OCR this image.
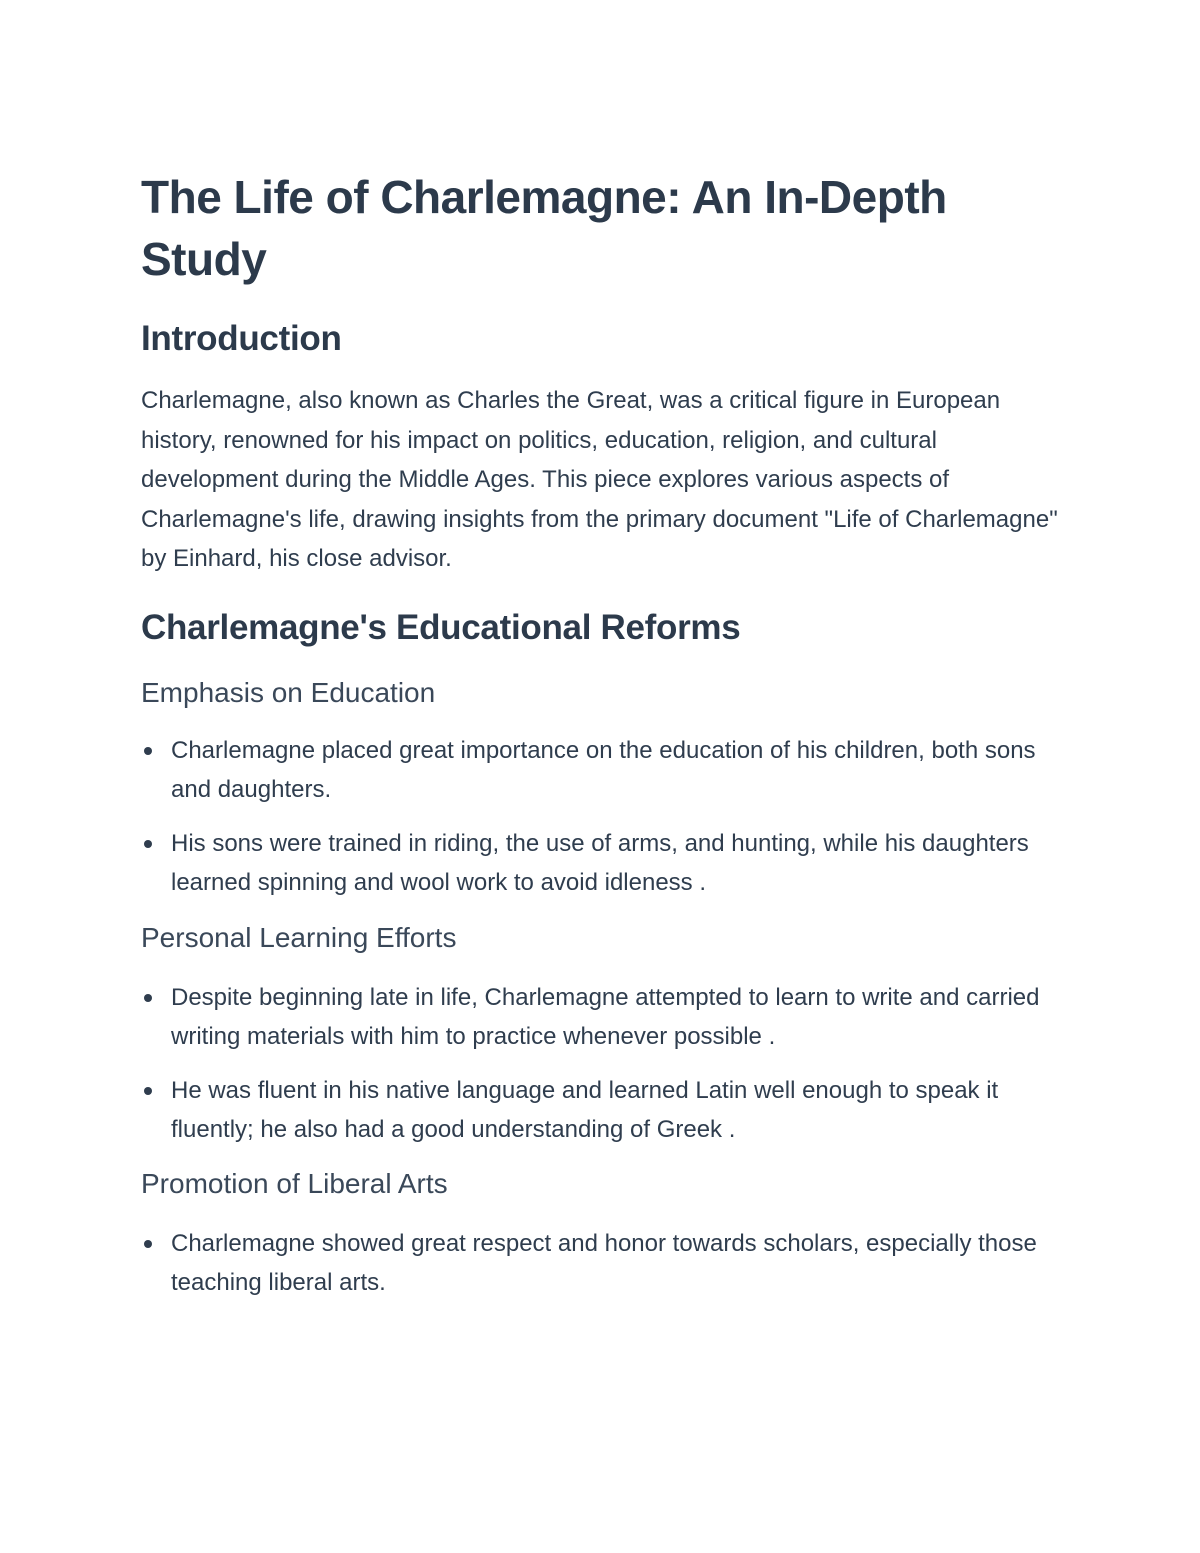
The Life of Charlemagne: An In-Depth Study
Introduction

Charlemagne, also known as Charles the Great, was a critical figure in European history, renowned for his impact on politics, education, religion, and cultural development during the Middle Ages. This piece explores various aspects of Charlemagne's life, drawing insights from the primary document "Life of Charlemagne" by Einhard, his close advisor.

Charlemagne's Educational Reforms
Emphasis on Education
Charlemagne placed great importance on the education of his children, both sons and daughters.
His sons were trained in riding, the use of arms, and hunting, while his daughters learned spinning and wool work to avoid idleness .
Personal Learning Efforts
Despite beginning late in life, Charlemagne attempted to learn to write and carried writing materials with him to practice whenever possible .
He was fluent in his native language and learned Latin well enough to speak it fluently; he also had a good understanding of Greek .
Promotion of Liberal Arts
Charlemagne showed great respect and honor towards scholars, especially those teaching liberal arts.
